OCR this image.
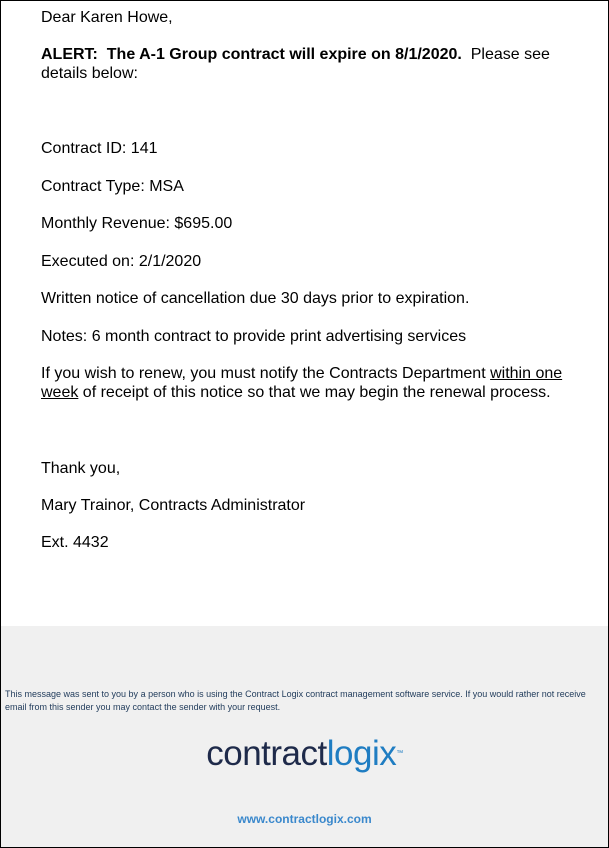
Dear Karen Howe,

ALERT: The A-1 Group contract will expire on 8/1/2020. Please see details below:

Contract ID: 141

Contract Type: MSA

Monthly Revenue: $695.00

Executed on: 2/1/2020

Written notice of cancellation due 30 days prior to expiration.

Notes: 6 month contract to provide print advertising services

If you wish to renew, you must notify the Contracts Department within one week of receipt of this notice so that we may begin the renewal process.

Thank you,

Mary Trainor, Contracts Administrator

Ext. 4432

This message was sent to you by a person who is using the Contract Logix contract management software service. If you would rather not receive email from this sender you may contact the sender with your request.

contractlogix™
www.contractlogix.com
